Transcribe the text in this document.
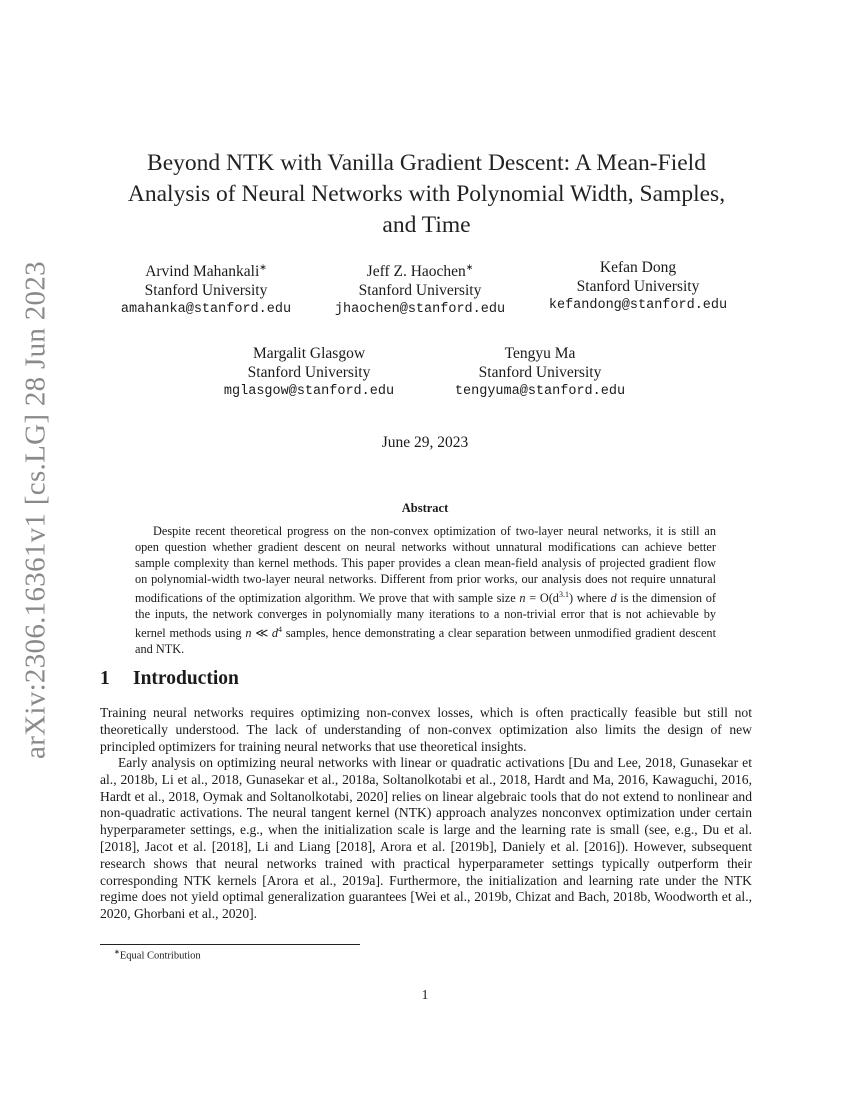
arXiv:2306.16361v1 [cs.LG] 28 Jun 2023
Beyond NTK with Vanilla Gradient Descent: A Mean-Field
Analysis of Neural Networks with Polynomial Width, Samples,
and Time
Arvind Mahankali∗
Stanford University
amahanka@stanford.edu
Jeff Z. Haochen∗
Stanford University
jhaochen@stanford.edu
Kefan Dong
Stanford University
kefandong@stanford.edu
Margalit Glasgow
Stanford University
mglasgow@stanford.edu
Tengyu Ma
Stanford University
tengyuma@stanford.edu
June 29, 2023
Abstract
Despite recent theoretical progress on the non-convex optimization of two-layer neural networks, it is still an open question whether gradient descent on neural networks without unnatural modifications can achieve better sample complexity than kernel methods. This paper provides a clean mean-field analysis of projected gradient flow on polynomial-width two-layer neural networks. Different from prior works, our analysis does not require unnatural modifications of the optimization algorithm. We prove that with sample size $n = O(d^{3.1})$ where d is the dimension of the inputs, the network converges in polynomially many iterations to a non-trivial error that is not achievable by kernel methods using n ≪ $d^4$ samples, hence demonstrating a clear separation between unmodified gradient descent and NTK.
1 Introduction
Training neural networks requires optimizing non-convex losses, which is often practically feasible but still not theoretically understood. The lack of understanding of non-convex optimization also limits the design of new principled optimizers for training neural networks that use theoretical insights.
Early analysis on optimizing neural networks with linear or quadratic activations [Du and Lee, 2018, Gunasekar et al., 2018b, Li et al., 2018, Gunasekar et al., 2018a, Soltanolkotabi et al., 2018, Hardt and Ma, 2016, Kawaguchi, 2016, Hardt et al., 2018, Oymak and Soltanolkotabi, 2020] relies on linear algebraic tools that do not extend to nonlinear and non-quadratic activations. The neural tangent kernel (NTK) approach analyzes nonconvex optimization under certain hyperparameter settings, e.g., when the initialization scale is large and the learning rate is small (see, e.g., Du et al. [2018], Jacot et al. [2018], Li and Liang [2018], Arora et al. [2019b], Daniely et al. [2016]). However, subsequent research shows that neural networks trained with practical hyperparameter settings typically outperform their corresponding NTK kernels [Arora et al., 2019a]. Furthermore, the initialization and learning rate under the NTK regime does not yield optimal generalization guarantees [Wei et al., 2019b, Chizat and Bach, 2018b, Woodworth et al., 2020, Ghorbani et al., 2020].
∗Equal Contribution
1
